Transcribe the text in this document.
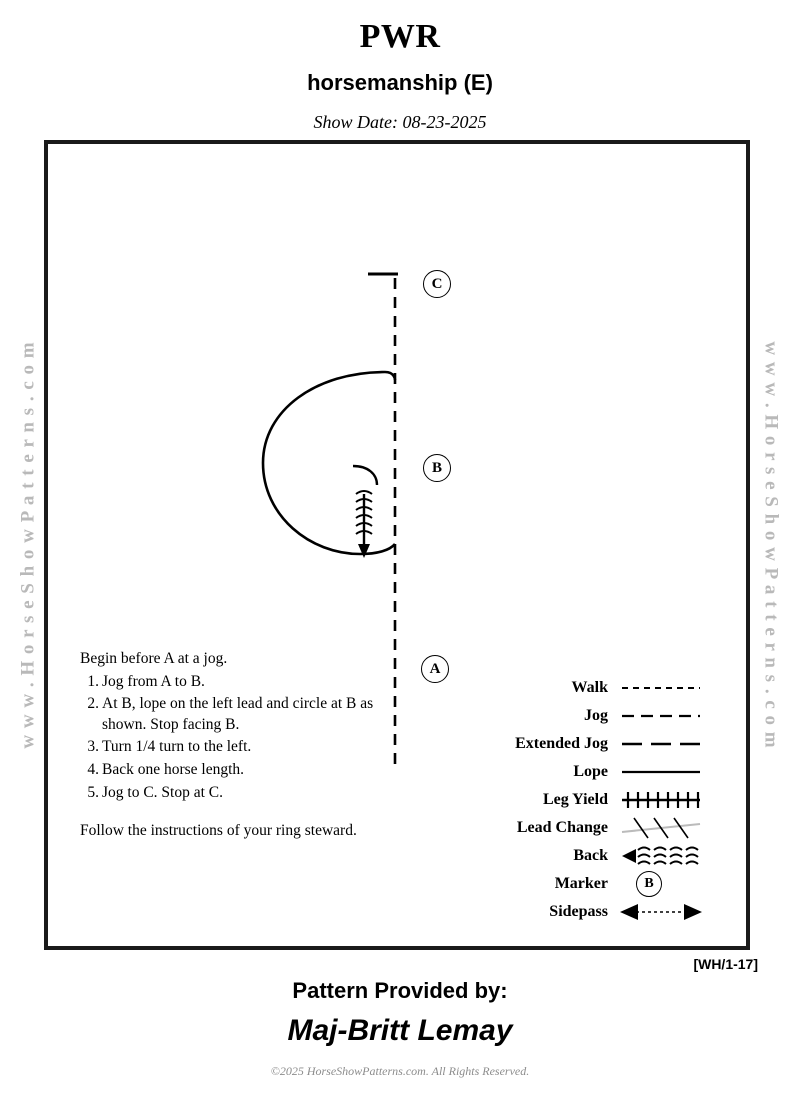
PWR
horsemanship (E)
Show Date: 08-23-2025
w w w . H o r s e S h o w P a t t e r n s . c o m	w w w . H o r s e S h o w P a t t e r n s . c o m
C
B
A
Begin before A at a jog.
Jog from A to B.
At B, lope on the left lead and circle at B as shown. Stop facing B.
Turn 1/4 turn to the left.
Back one horse length.
Jog to C. Stop at C.
Follow the instructions of your ring steward.
Walk
Jog
Extended Jog
Lope
Leg Yield
Lead Change
Back
Marker	B
Sidepass
[WH/1-17]
Pattern Provided by:
Maj-Britt Lemay
©2025 HorseShowPatterns.com. All Rights Reserved.
